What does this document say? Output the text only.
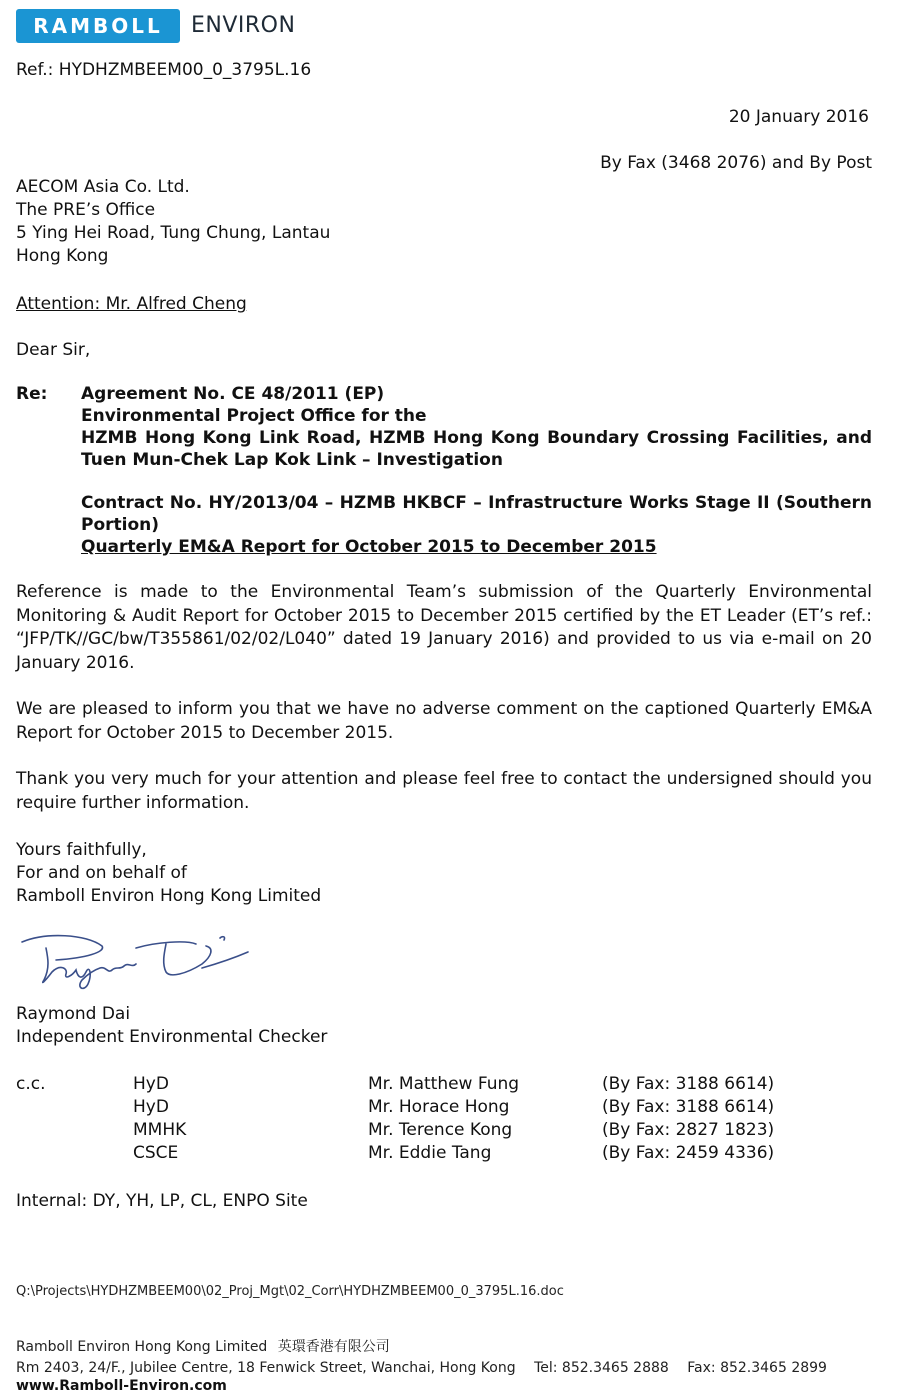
RAMBOLL	ENVIRON
Ref.: HYDHZMBEEM00_0_3795L.16
20 January 2016
By Fax (3468 2076) and By Post
AECOM Asia Co. Ltd.
The PRE’s Office
5 Ying Hei Road, Tung Chung, Lantau
Hong Kong
Attention: Mr. Alfred Cheng
Dear Sir,
Re: Agreement No. CE 48/2011 (EP)
Environmental Project Office for the
HZMB Hong Kong Link Road, HZMB Hong Kong Boundary Crossing Facilities, and Tuen Mun-Chek Lap Kok Link – Investigation
Contract No. HY/2013/04 – HZMB HKBCF – Infrastructure Works Stage II (Southern Portion)
Quarterly EM&A Report for October 2015 to December 2015
Reference is made to the Environmental Team’s submission of the Quarterly Environmental Monitoring & Audit Report for October 2015 to December 2015 certified by the ET Leader (ET’s ref.: “JFP/TK//GC/bw/T355861/02/02/L040” dated 19 January 2016) and provided to us via e-mail on 20 January 2016.
We are pleased to inform you that we have no adverse comment on the captioned Quarterly EM&A Report for October 2015 to December 2015.
Thank you very much for your attention and please feel free to contact the undersigned should you require further information.
Yours faithfully,
For and on behalf of
Ramboll Environ Hong Kong Limited
Raymond Dai
Independent Environmental Checker
c.c.	HyD
HyD
MMHK
CSCE
Mr. Matthew Fung
Mr. Horace Hong
Mr. Terence Kong
Mr. Eddie Tang
(By Fax: 3188 6614)
(By Fax: 3188 6614)
(By Fax: 2827 1823)
(By Fax: 2459 4336)
Internal: DY, YH, LP, CL, ENPO Site
Q:\Projects\HYDHZMBEEM00\02_Proj_Mgt\02_Corr\HYDHZMBEEM00_0_3795L.16.doc
Ramboll Environ Hong Kong Limited 英環香港有限公司
Rm 2403, 24/F., Jubilee Centre, 18 Fenwick Street, Wanchai, Hong Kong Tel: 852.3465 2888 Fax: 852.3465 2899
www.Ramboll-Environ.com
